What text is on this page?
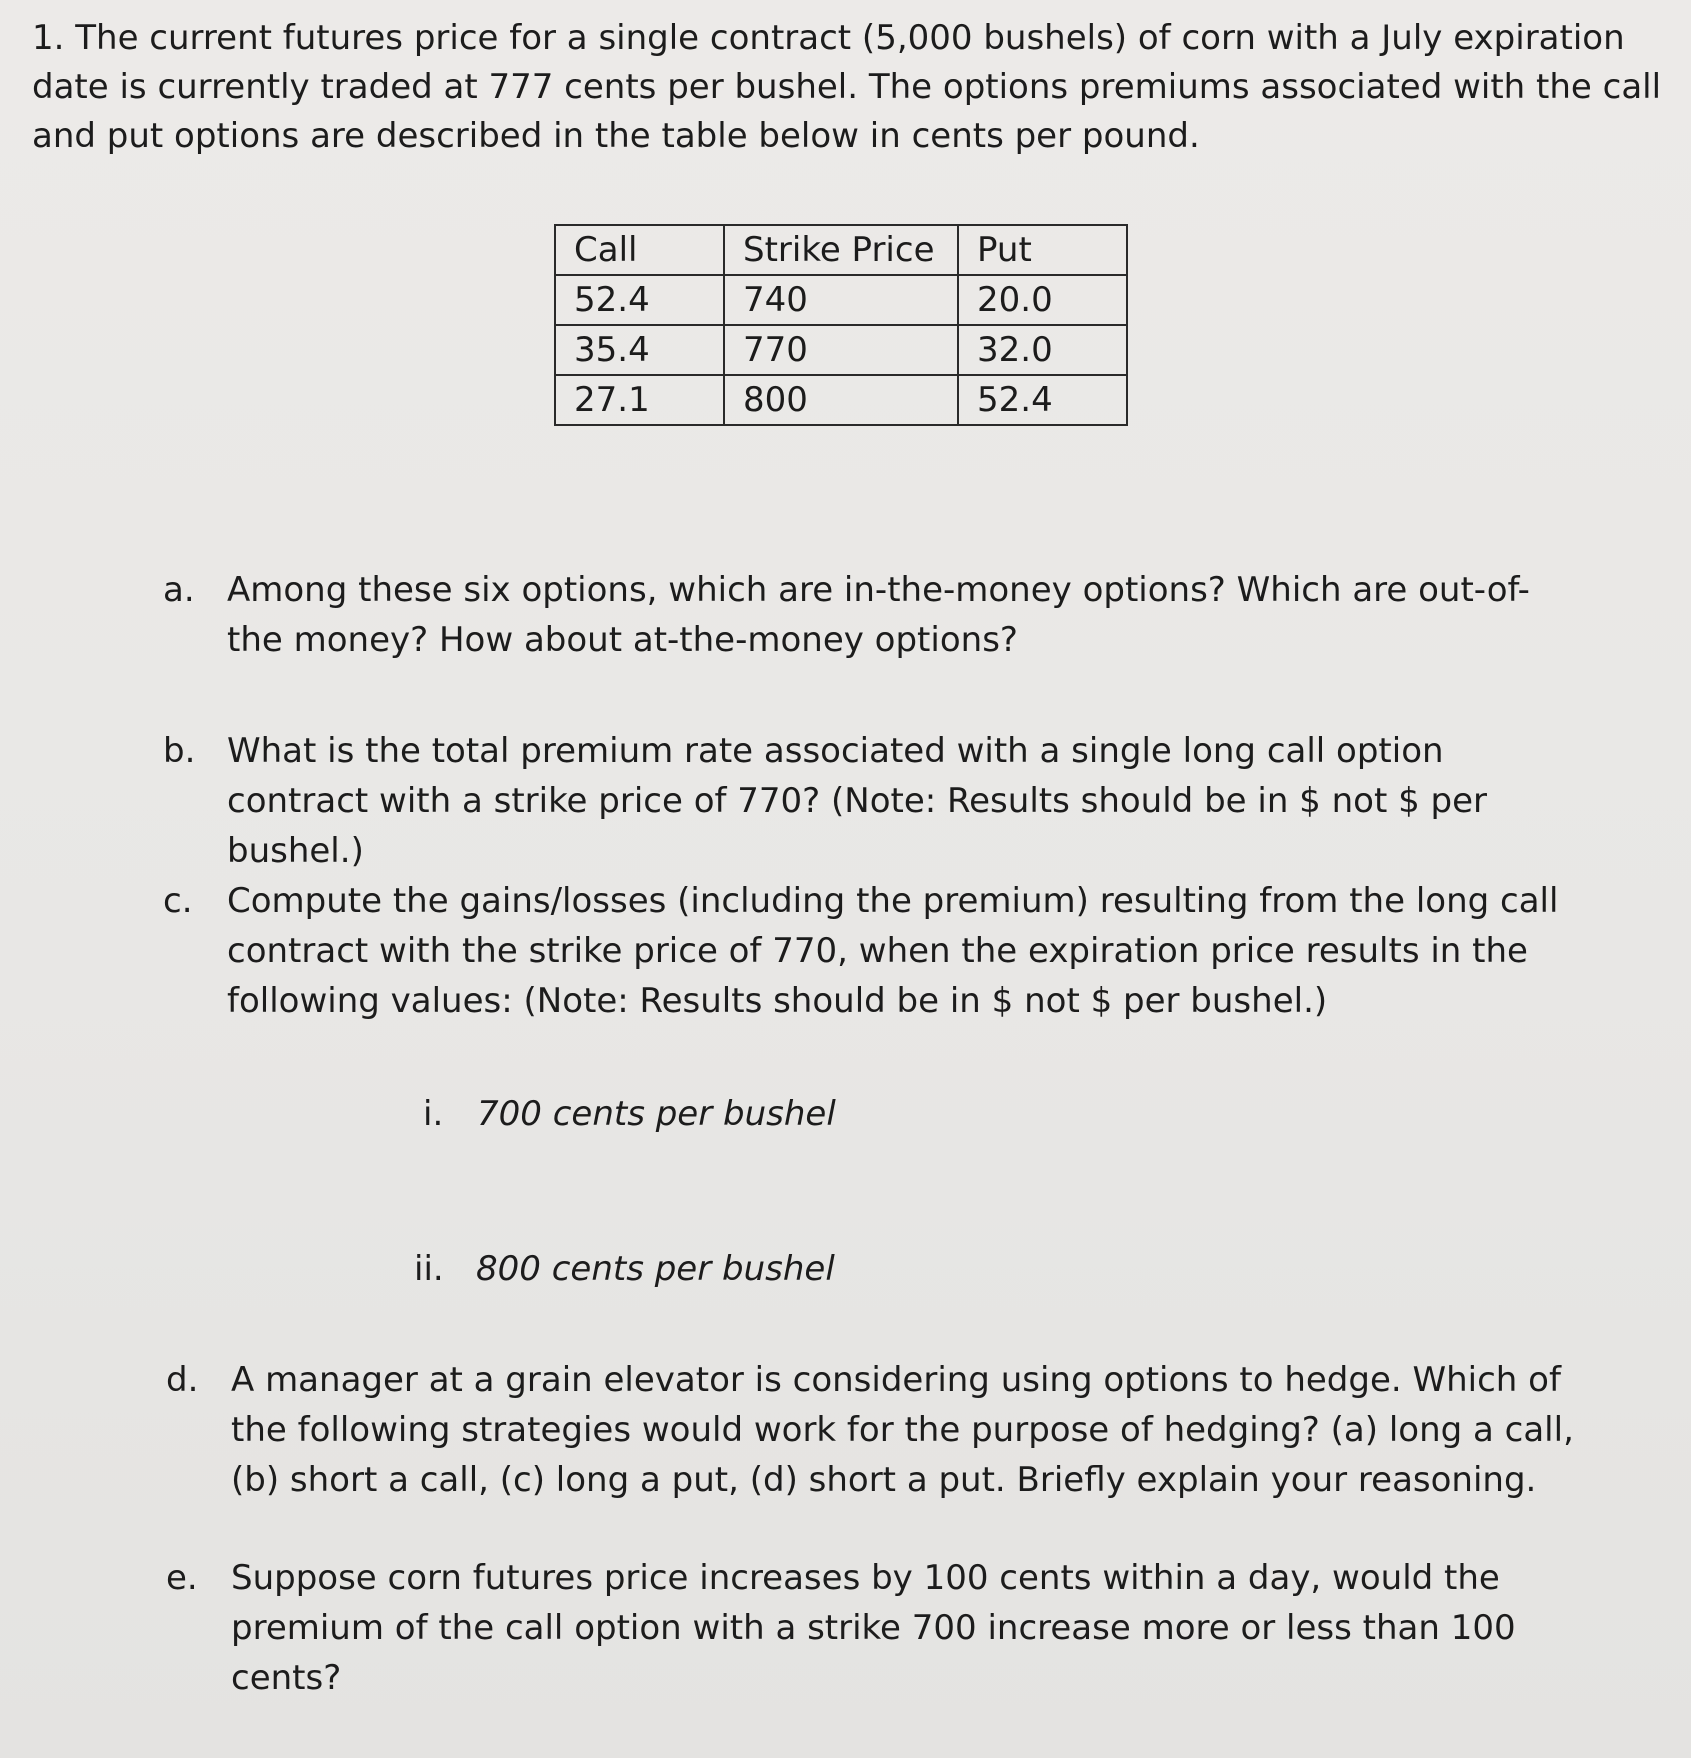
1. The current futures price for a single contract (5,000 bushels) of corn with a July expiration date is currently traded at 777 cents per bushel. The options premiums associated with the call and put options are described in the table below in cents per pound.

Call	Strike Price	Put
52.4	740	20.0
35.4	770	32.0
27.1	800	52.4
a. Among these six options, which are in-the-money options? Which are out-of-the money? How about at-the-money options?
b. What is the total premium rate associated with a single long call option contract with a strike price of 770? (Note: Results should be in $ not $ per bushel.)
c.	Compute the gains/losses (including the premium) resulting from the long call contract with the strike price of 770, when the expiration price results in the following values: (Note: Results should be in $ not $ per bushel.)
i. 700 cents per bushel
ii. 800 cents per bushel
d. A manager at a grain elevator is considering using options to hedge. Which of the following strategies would work for the purpose of hedging? (a) long a call, (b) short a call, (c) long a put, (d) short a put. Briefly explain your reasoning.
e. Suppose corn futures price increases by 100 cents within a day, would the premium of the call option with a strike 700 increase more or less than 100 cents?
